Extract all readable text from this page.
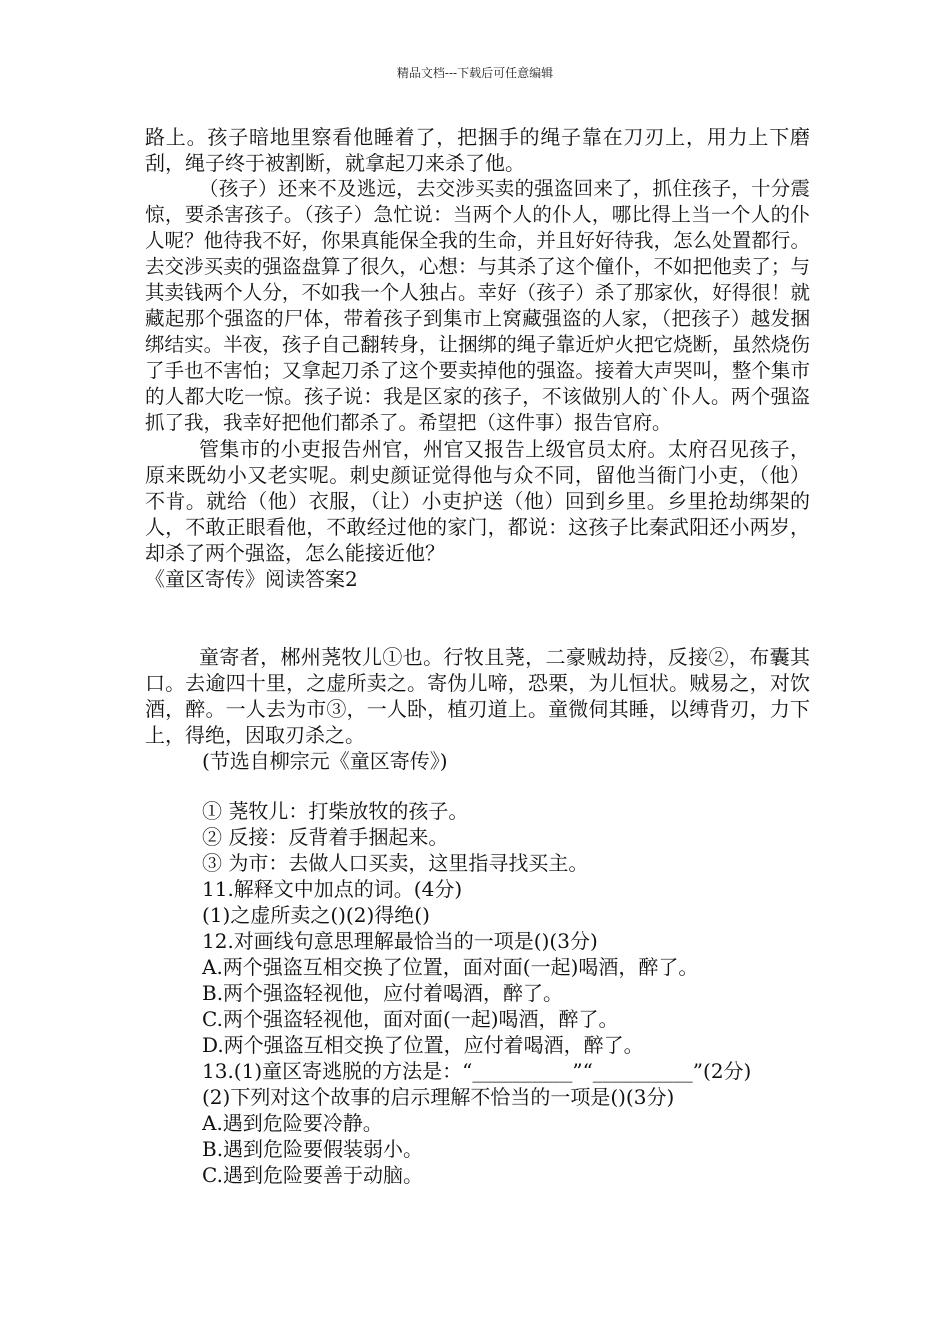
精品文档---下载后可任意编辑

路上。孩子暗地里察看他睡着了，把捆手的绳子靠在刀刃上，用力上下磨刮，绳子终于被割断，就拿起刀来杀了他。

（孩子）还来不及逃远，去交涉买卖的强盗回来了，抓住孩子，十分震惊，要杀害孩子。（孩子）急忙说：当两个人的仆人，哪比得上当一个人的仆人呢？他待我不好，你果真能保全我的生命，并且好好待我，怎么处置都行。去交涉买卖的强盗盘算了很久，心想：与其杀了这个僮仆，不如把他卖了；与其卖钱两个人分，不如我一个人独占。幸好（孩子）杀了那家伙，好得很！就藏起那个强盗的尸体，带着孩子到集市上窝藏强盗的人家，（把孩子）越发捆绑结实。半夜，孩子自己翻转身，让捆绑的绳子靠近炉火把它烧断，虽然烧伤了手也不害怕；又拿起刀杀了这个要卖掉他的强盗。接着大声哭叫，整个集市的人都大吃一惊。孩子说：我是区家的孩子，不该做别人的`仆人。两个强盗抓了我，我幸好把他们都杀了。希望把（这件事）报告官府。

管集市的小吏报告州官，州官又报告上级官员太府。太府召见孩子，原来既幼小又老实呢。刺史颜证觉得他与众不同，留他当衙门小吏，（他）不肯。就给（他）衣服，（让）小吏护送（他）回到乡里。乡里抢劫绑架的人，不敢正眼看他，不敢经过他的家门，都说：这孩子比秦武阳还小两岁，却杀了两个强盗，怎么能接近他？

《童区寄传》阅读答案2

童寄者，郴州荛牧儿①也。行牧且荛，二豪贼劫持，反接②，布囊其口。去逾四十里，之虚所卖之。寄伪儿啼，恐栗，为儿恒状。贼易之，对饮酒，醉。一人去为市③，一人卧，植刃道上。童微伺其睡，以缚背刃，力下上，得绝，因取刃杀之。

(节选自柳宗元《童区寄传》)

① 荛牧儿：打柴放牧的孩子。

② 反接：反背着手捆起来。

③ 为市：去做人口买卖，这里指寻找买主。

11.解释文中加点的词。(4分)

(1)之虚所卖之()(2)得绝()

12.对画线句意思理解最恰当的一项是()(3分)

A.两个强盗互相交换了位置，面对面(一起)喝酒，醉了。

B.两个强盗轻视他，应付着喝酒，醉了。

C.两个强盗轻视他，面对面(一起)喝酒，醉了。

D.两个强盗互相交换了位置，应付着喝酒，醉了。

13.(1)童区寄逃脱的方法是：“__________”“__________”(2分)

(2)下列对这个故事的启示理解不恰当的一项是()(3分)

A.遇到危险要冷静。

B.遇到危险要假装弱小。

C.遇到危险要善于动脑。
